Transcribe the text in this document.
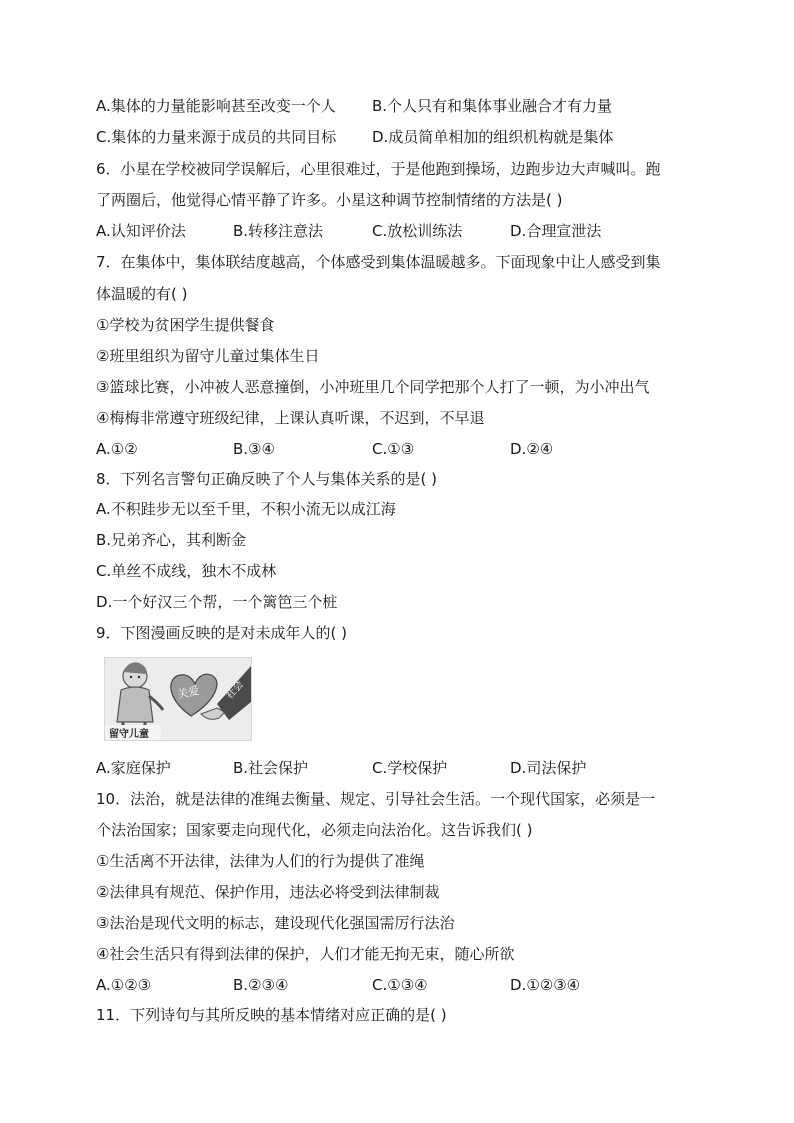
A.集体的力量能影响甚至改变一个人 B.个人只有和集体事业融合才有力量
C.集体的力量来源于成员的共同目标 D.成员简单相加的组织机构就是集体
6．小星在学校被同学误解后，心里很难过，于是他跑到操场，边跑步边大声喊叫。跑
了两圈后，他觉得心情平静了许多。小星这种调节控制情绪的方法是( )
A.认知评价法	B.转移注意法	C.放松训练法	D.合理宣泄法
7．在集体中，集体联结度越高，个体感受到集体温暖越多。下面现象中让人感受到集
体温暖的有( )
①学校为贫困学生提供餐食
②班里组织为留守儿童过集体生日
③篮球比赛，小冲被人恶意撞倒，小冲班里几个同学把那个人打了一顿，为小冲出气
④梅梅非常遵守班级纪律，上课认真听课，不迟到，不早退
A.①②	B.③④	C.①③	D.②④
8．下列名言警句正确反映了个人与集体关系的是( )
A.不积跬步无以至千里，不积小流无以成江海
B.兄弟齐心，其利断金
C.单丝不成线，独木不成林
D.一个好汉三个帮，一个篱笆三个桩
9．下图漫画反映的是对未成年人的( )
关爱 社会
留守儿童
A.家庭保护	B.社会保护	C.学校保护	D.司法保护
10．法治，就是法律的准绳去衡量、规定、引导社会生活。一个现代国家，必须是一
个法治国家；国家要走向现代化，必须走向法治化。这告诉我们( )
①生活离不开法律，法律为人们的行为提供了准绳
②法律具有规范、保护作用，违法必将受到法律制裁
③法治是现代文明的标志，建设现代化强国需厉行法治
④社会生活只有得到法律的保护，人们才能无拘无束，随心所欲
A.①②③	B.②③④	C.①③④	D.①②③④
11．下列诗句与其所反映的基本情绪对应正确的是( )
